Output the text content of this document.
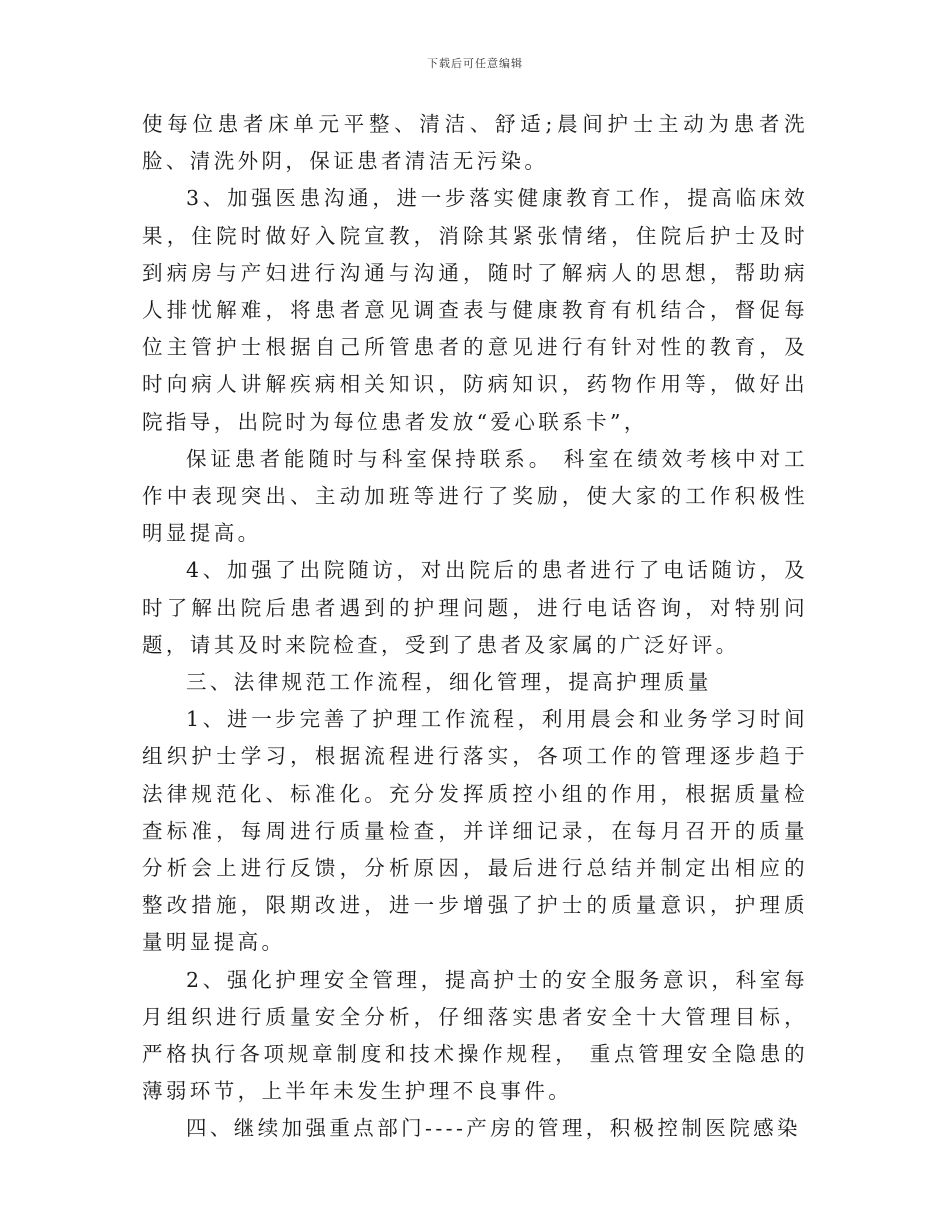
下载后可任意编辑

使每位患者床单元平整、清洁、舒适;晨间护士主动为患者洗脸、清洗外阴，保证患者清洁无污染。

3、加强医患沟通，进一步落实健康教育工作，提高临床效果，住院时做好入院宣教，消除其紧张情绪，住院后护士及时到病房与产妇进行沟通与沟通，随时了解病人的思想，帮助病人排忧解难，将患者意见调查表与健康教育有机结合，督促每位主管护士根据自己所管患者的意见进行有针对性的教育，及时向病人讲解疾病相关知识，防病知识，药物作用等，做好出院指导，出院时为每位患者发放“爱心联系卡”，

保证患者能随时与科室保持联系。 科室在绩效考核中对工作中表现突出、主动加班等进行了奖励，使大家的工作积极性明显提高。

4、加强了出院随访，对出院后的患者进行了电话随访，及时了解出院后患者遇到的护理问题，进行电话咨询，对特别问题，请其及时来院检查，受到了患者及家属的广泛好评。

三、法律规范工作流程，细化管理，提高护理质量

1、进一步完善了护理工作流程，利用晨会和业务学习时间组织护士学习，根据流程进行落实，各项工作的管理逐步趋于法律规范化、标准化。充分发挥质控小组的作用，根据质量检查标准，每周进行质量检查，并详细记录，在每月召开的质量分析会上进行反馈，分析原因，最后进行总结并制定出相应的整改措施，限期改进，进一步增强了护士的质量意识，护理质量明显提高。

2、强化护理安全管理，提高护士的安全服务意识，科室每月组织进行质量安全分析，仔细落实患者安全十大管理目标，严格执行各项规章制度和技术操作规程， 重点管理安全隐患的薄弱环节，上半年未发生护理不良事件。

四、继续加强重点部门----产房的管理，积极控制医院感染
